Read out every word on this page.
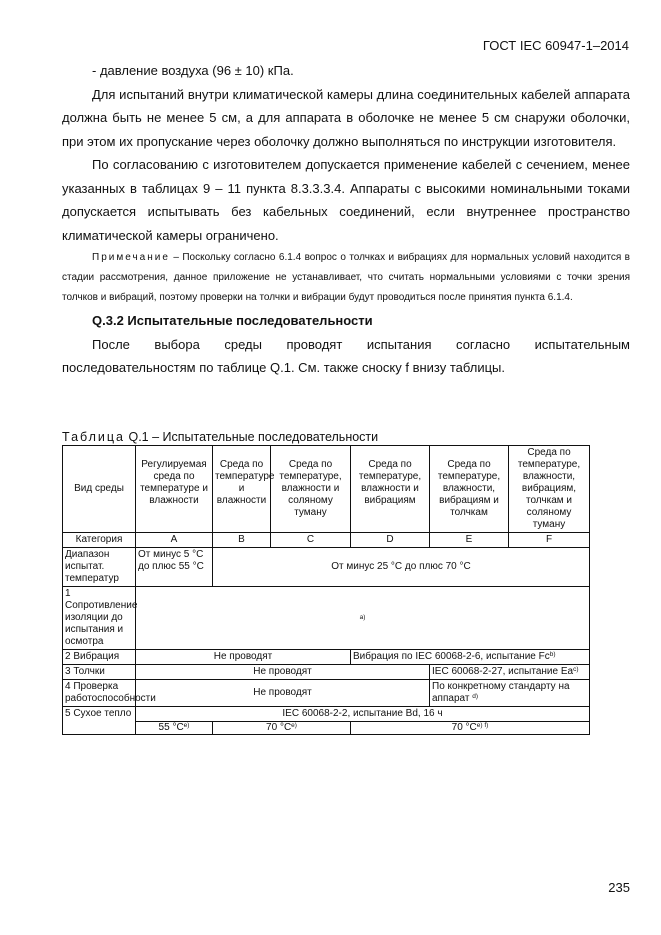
ГОСТ IEC 60947-1–2014

- давление воздуха (96 ± 10) кПа.

Для испытаний внутри климатической камеры длина соединительных кабелей аппарата должна быть не менее 5 см, а для аппарата в оболочке не менее 5 см снаружи оболочки, при этом их пропускание через оболочку должно выполняться по инструкции изготовителя.

По согласованию с изготовителем допускается применение кабелей с сечением, менее указанных в таблицах 9 – 11 пункта 8.3.3.3.4. Аппараты с высокими номинальными токами допускается испытывать без кабельных соединений, если внутреннее пространство климатической камеры ограничено.

Примечание – Поскольку согласно 6.1.4 вопрос о толчках и вибрациях для нормальных условий находится в стадии рассмотрения, данное приложение не устанавливает, что считать нормальными условиями с точки зрения толчков и вибраций, поэтому проверки на толчки и вибрации будут проводиться после принятия пункта 6.1.4.

Q.3.2 Испытательные последовательности

После выбора среды проводят испытания согласно испытательным последовательностям по таблице Q.1. См. также сноску f внизу таблицы.

Таблица Q.1 – Испытательные последовательности
Вид среды	Регулируемая среда по температуре и влажности	Среда по температуре и влажности	Среда по температуре, влажности и соляному туману	Среда по температуре, влажности и вибрациям	Среда по температуре, влажности, вибрациям и толчкам	Среда по температуре, влажности, вибрациям, толчкам и соляному туману
Категория	A	B	C	D	E	F
Диапазон испытат. температур	От минус 5 °С до плюс 55 °С	От минус 25 °С до плюс 70 °С				
1 Сопротивление изоляции до испытания и осмотра	a)					
2 Вибрация	Не проводят			Вибрация по IEC 60068-2-6, испытание Fc$^{b)}$
3 Толчки	Не проводят				IEC 60068-2-27, испытание Ea$^{c)}$
4 Проверка работоспособности	Не проводят				По конкретному стандарту на аппарат $^{d)}$
5 Сухое тепло	IEC 60068-2-2, испытание Bd, 16 ч					
	55 $^\circ С^{e)}$	70 $^\circ С^{e)}$		70 $^\circ С^{e) f)}$
235
